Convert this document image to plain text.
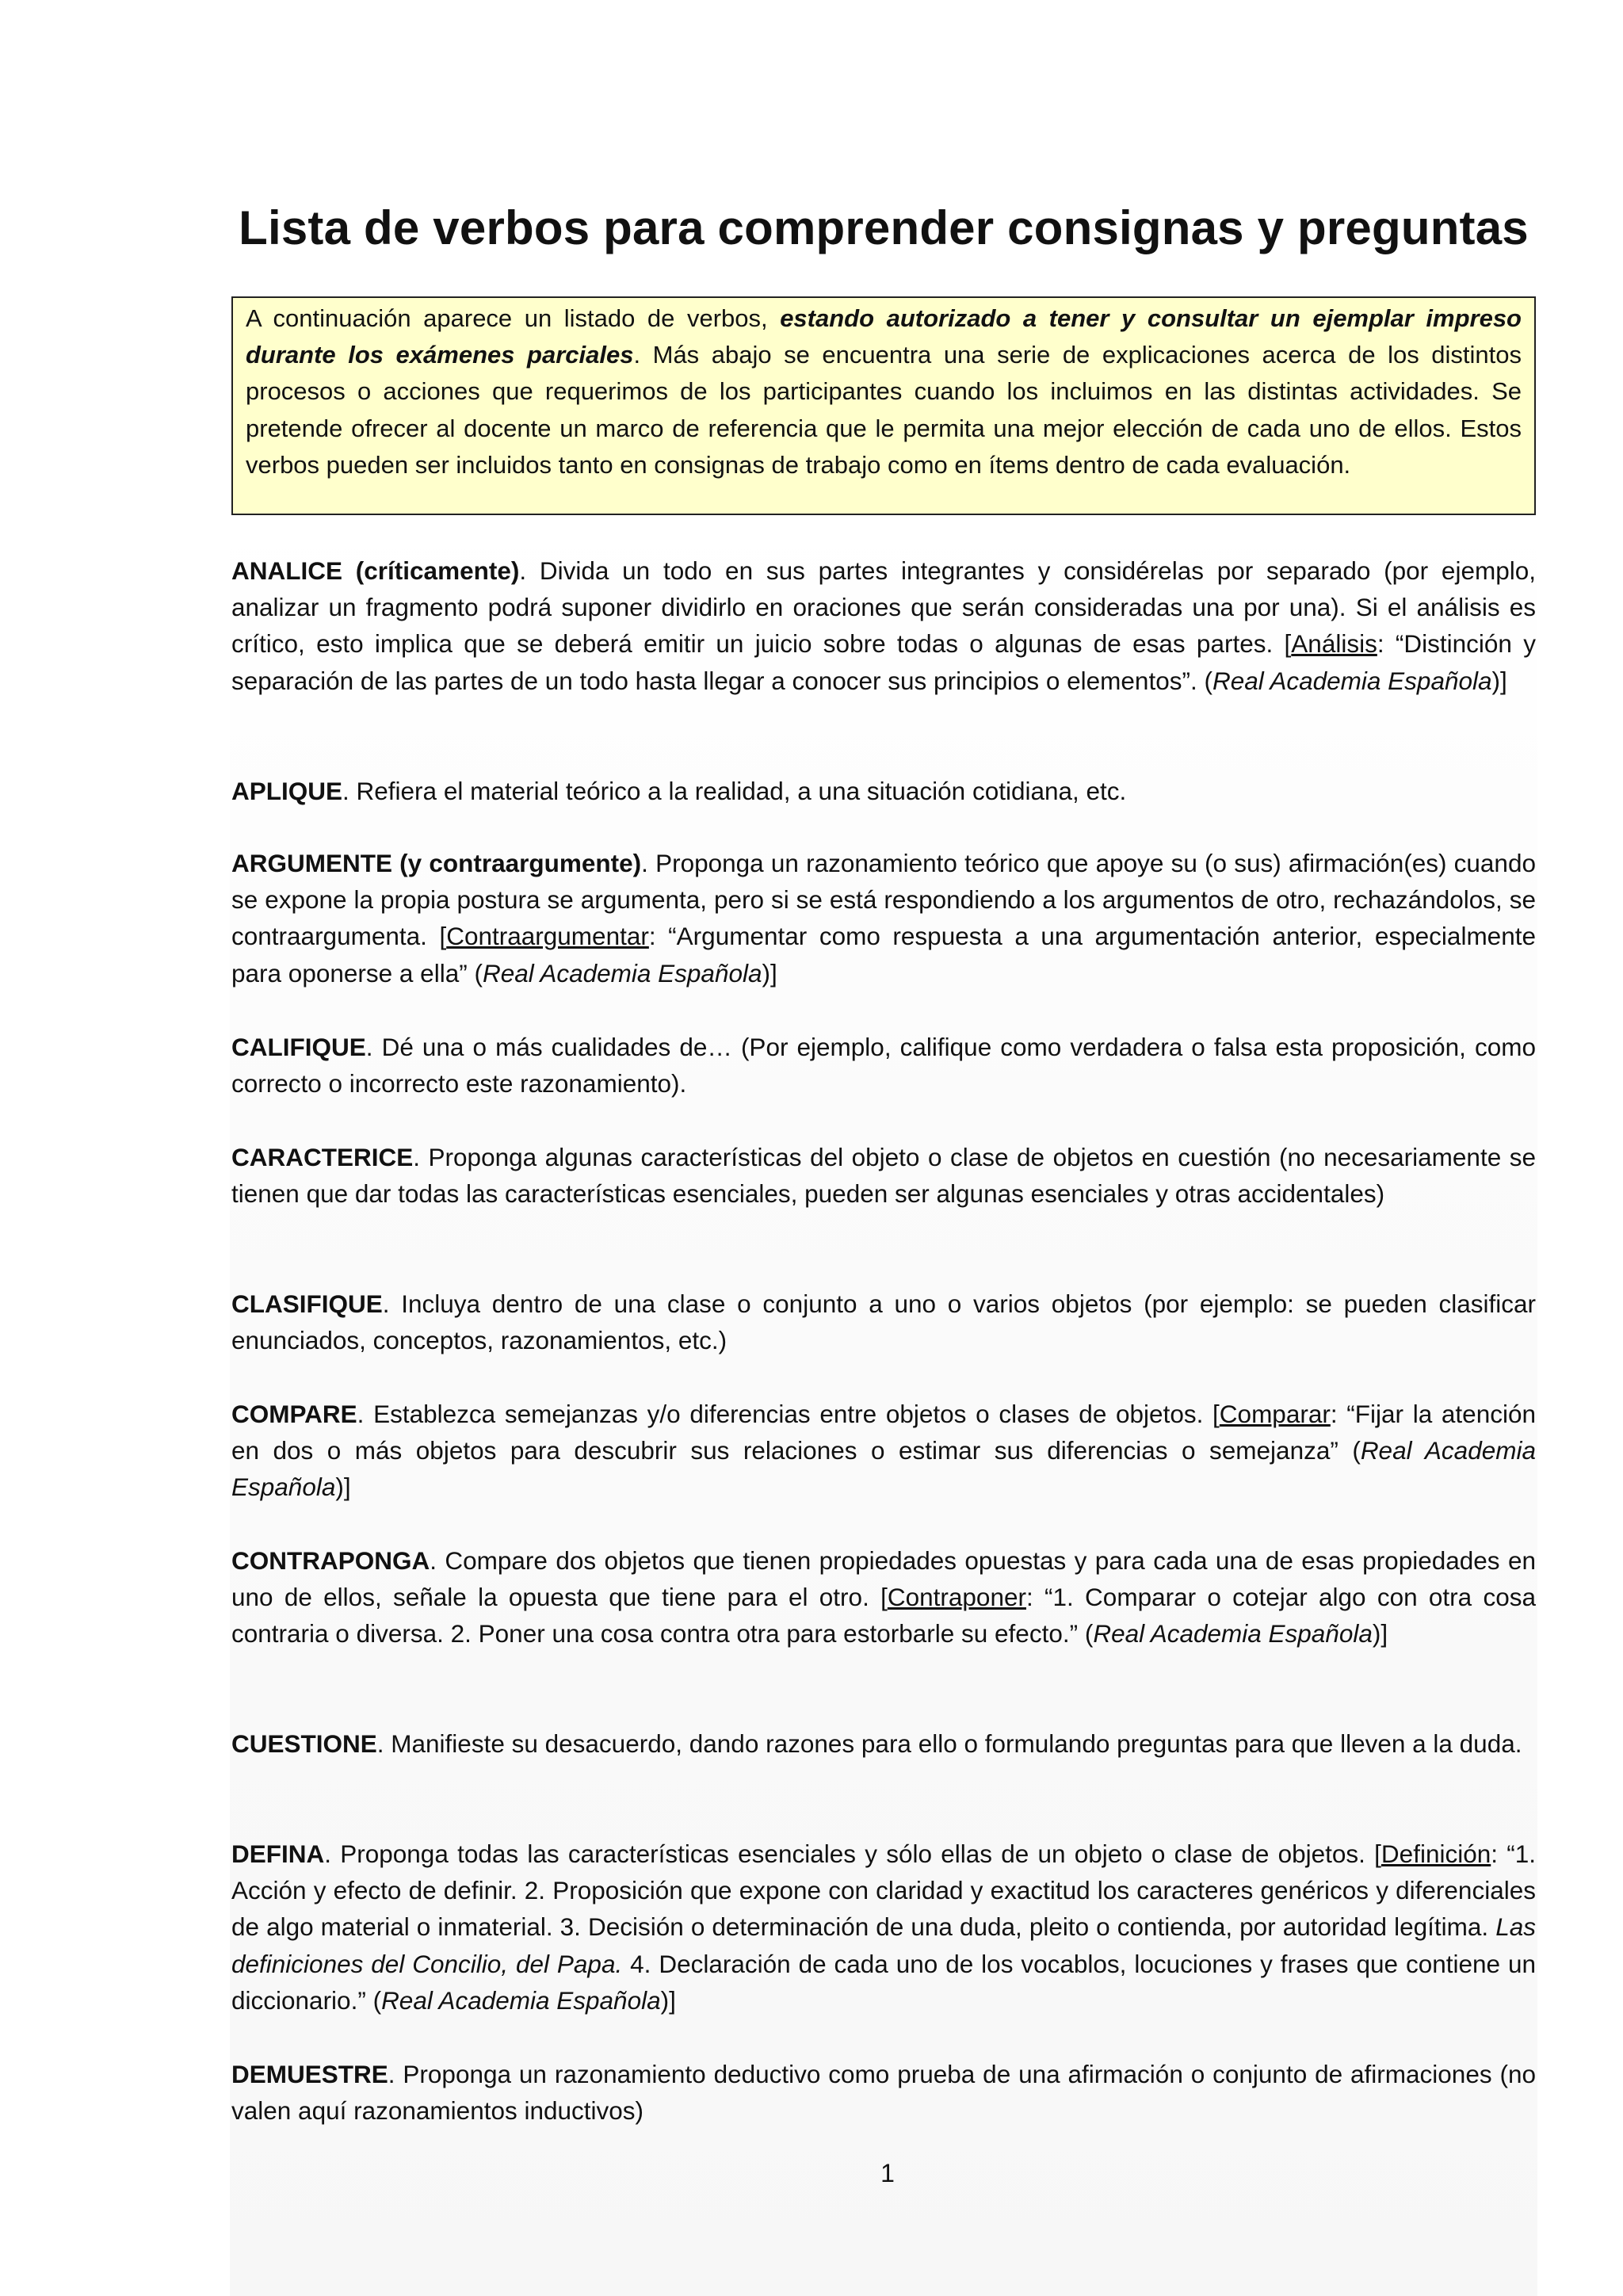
Lista de verbos para comprender consignas y preguntas
A continuación aparece un listado de verbos, estando autorizado a tener y consultar un ejemplar impreso durante los exámenes parciales. Más abajo se encuentra una serie de explicaciones acerca de los distintos procesos o acciones que requerimos de los participantes cuando los incluimos en las distintas actividades. Se pretende ofrecer al docente un marco de referencia que le permita una mejor elección de cada uno de ellos. Estos verbos pueden ser incluidos tanto en consignas de trabajo como en ítems dentro de cada evaluación.

ANALICE (críticamente). Divida un todo en sus partes integrantes y considérelas por separado (por ejemplo, analizar un fragmento podrá suponer dividirlo en oraciones que serán consideradas una por una). Si el análisis es crítico, esto implica que se deberá emitir un juicio sobre todas o algunas de esas partes. [Análisis: “Distinción y separación de las partes de un todo hasta llegar a conocer sus principios o elementos”. (Real Academia Española)]

APLIQUE. Refiera el material teórico a la realidad, a una situación cotidiana, etc.

ARGUMENTE (y contraargumente). Proponga un razonamiento teórico que apoye su (o sus) afirmación(es) cuando se expone la propia postura se argumenta, pero si se está respondiendo a los argumentos de otro, rechazándolos, se contraargumenta. [Contraargumentar: “Argumentar como respuesta a una argumentación anterior, especialmente para oponerse a ella” (Real Academia Española)]

CALIFIQUE. Dé una o más cualidades de… (Por ejemplo, califique como verdadera o falsa esta proposición, como correcto o incorrecto este razonamiento).

CARACTERICE. Proponga algunas características del objeto o clase de objetos en cuestión (no necesariamente se tienen que dar todas las características esenciales, pueden ser algunas esenciales y otras accidentales)

CLASIFIQUE. Incluya dentro de una clase o conjunto a uno o varios objetos (por ejemplo: se pueden clasificar enunciados, conceptos, razonamientos, etc.)

COMPARE. Establezca semejanzas y/o diferencias entre objetos o clases de objetos. [Comparar: “Fijar la atención en dos o más objetos para descubrir sus relaciones o estimar sus diferencias o semejanza” (Real Academia Española)]

CONTRAPONGA. Compare dos objetos que tienen propiedades opuestas y para cada una de esas propiedades en uno de ellos, señale la opuesta que tiene para el otro. [Contraponer: “1. Comparar o cotejar algo con otra cosa contraria o diversa. 2. Poner una cosa contra otra para estorbarle su efecto.” (Real Academia Española)]

CUESTIONE. Manifieste su desacuerdo, dando razones para ello o formulando preguntas para que lleven a la duda.

DEFINA. Proponga todas las características esenciales y sólo ellas de un objeto o clase de objetos. [Definición: “1. Acción y efecto de definir. 2. Proposición que expone con claridad y exactitud los caracteres genéricos y diferenciales de algo material o inmaterial. 3. Decisión o determinación de una duda, pleito o contienda, por autoridad legítima. Las definiciones del Concilio, del Papa. 4. Declaración de cada uno de los vocablos, locuciones y frases que contiene un diccionario.” (Real Academia Española)]

DEMUESTRE. Proponga un razonamiento deductivo como prueba de una afirmación o conjunto de afirmaciones (no valen aquí razonamientos inductivos)

1
